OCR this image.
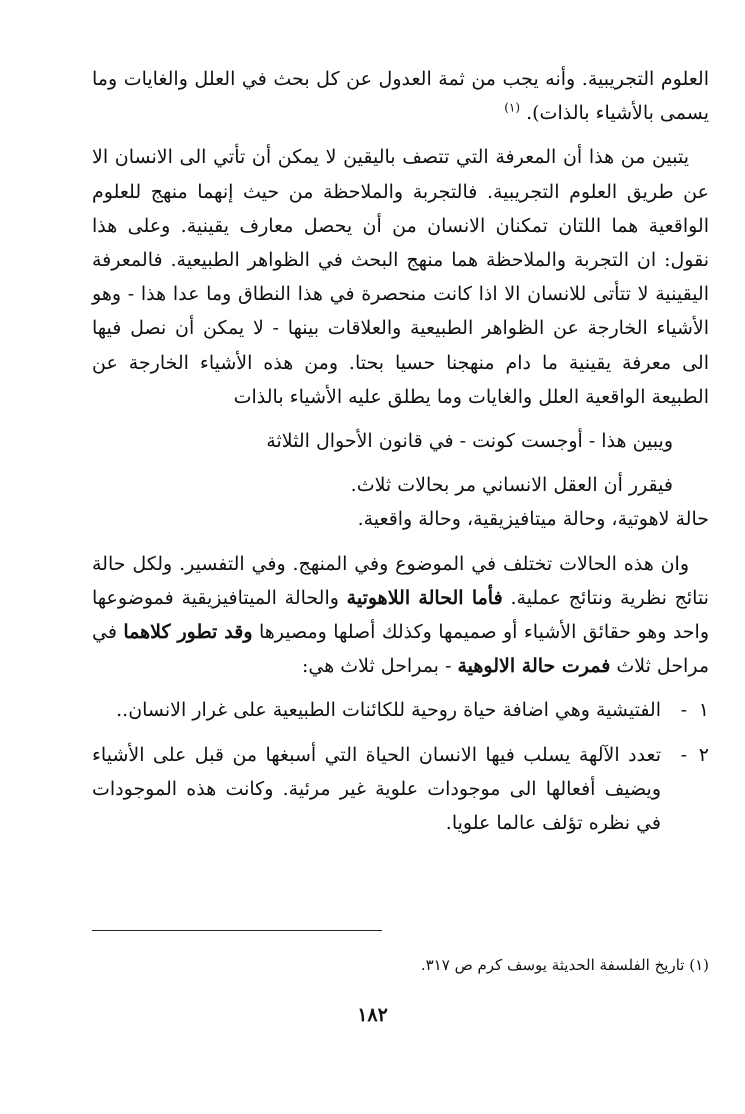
العلوم التجريبية. وأنه يجب من ثمة العدول عن كل بحث في العلل والغايات وما يسمى بالأشياء بالذات). $^{(١)}$

يتبين من هذا أن المعرفة التي تتصف باليقين لا يمكن أن تأتي الى الانسان الا عن طريق العلوم التجريبية. فالتجربة والملاحظة من حيث إنهما منهج للعلوم الواقعية هما اللتان تمكنان الانسان من أن يحصل معارف يقينية. وعلى هذا نقول: ان التجربة والملاحظة هما منهج البحث في الظواهر الطبيعية. فالمعرفة اليقينية لا تتأتى للانسان الا اذا كانت منحصرة في هذا النطاق وما عدا هذا - وهو الأشياء الخارجة عن الظواهر الطبيعية والعلاقات بينها - لا يمكن أن نصل فيها الى معرفة يقينية ما دام منهجنا حسيا بحتا. ومن هذه الأشياء الخارجة عن الطبيعة الواقعية العلل والغايات وما يطلق عليه الأشياء بالذات

ويبين هذا - أوجست كونت - في قانون الأحوال الثلاثة

فيقرر أن العقل الانساني مر بحالات ثلاث.

حالة لاهوتية، وحالة ميتافيزيقية، وحالة واقعية.

وان هذه الحالات تختلف في الموضوع وفي المنهج. وفي التفسير. ولكل حالة نتائج نظرية ونتائج عملية. فأما الحالة اللاهوتية والحالة الميتافيزيقية فموضوعها واحد وهو حقائق الأشياء أو صميمها وكذلك أصلها ومصيرها وقد تطور كلاهما في مراحل ثلاث فمرت حالة الالوهية - بمراحل ثلاث هي:

١
-
الفتيشية وهي اضافة حياة روحية للكائنات الطبيعية على غرار الانسان..
٢
-
تعدد الآلهة يسلب فيها الانسان الحياة التي أسبغها من قبل على الأشياء ويضيف أفعالها الى موجودات علوية غير مرئية. وكانت هذه الموجودات في نظره تؤلف عالما علويا.
(١) تاريخ الفلسفة الحديثة يوسف كرم ص ٣١٧.
١٨٢
